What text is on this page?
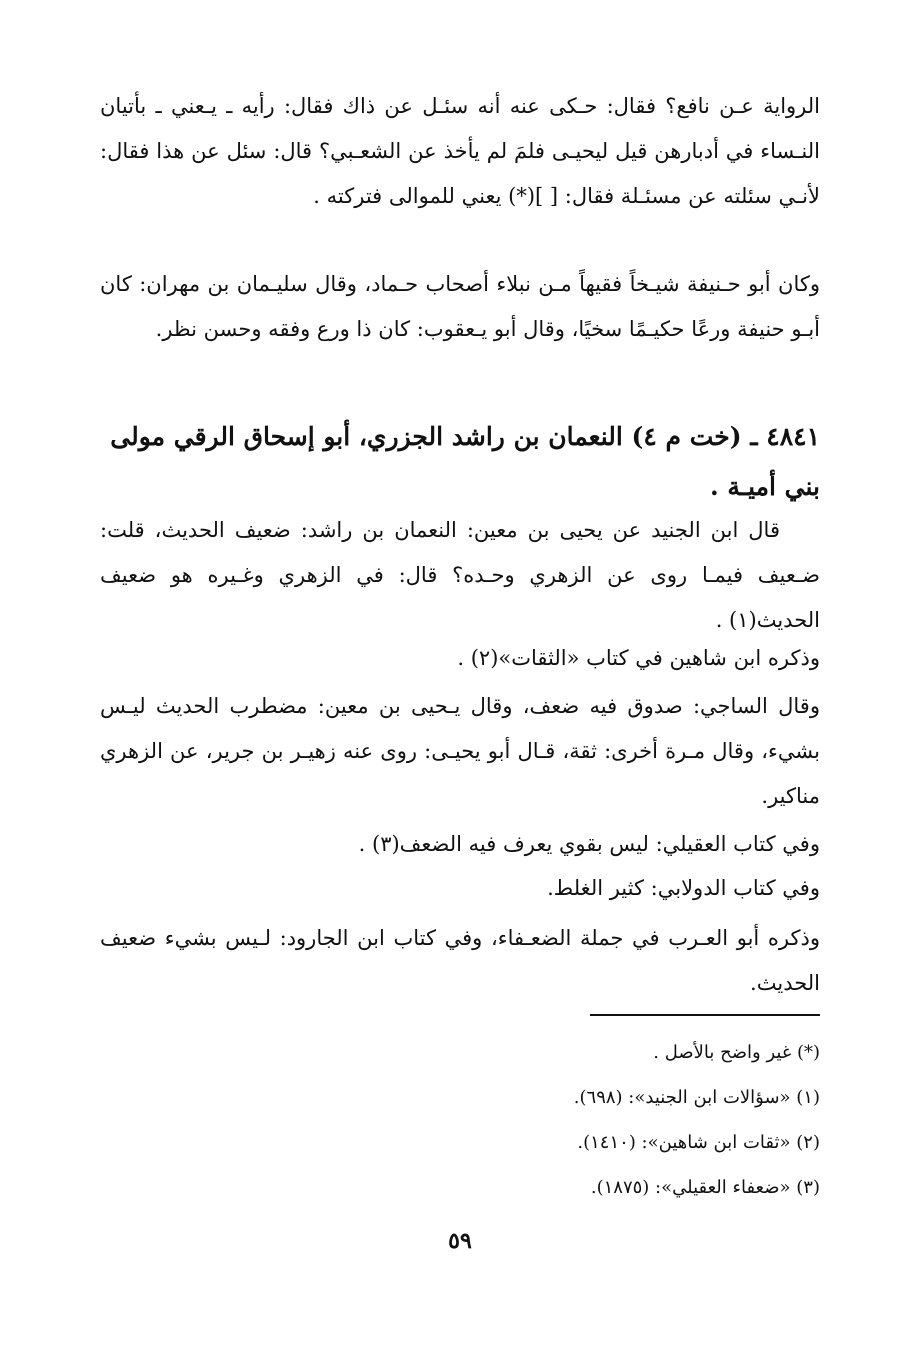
الرواية عـن نافع؟ فقال: حـكى عنه أنه سئـل عن ذاك فقال: رأيه ـ يـعني ـ بأتيان النـساء في أدبارهن قيل ليحيـى فلمَ لم يأخذ عن الشعـبي؟ قال: سئل عن هذا فقال: لأنـي سئلته عن مسئـلة فقال: [ ](*) يعني للموالى فتركته .

وكان أبو حـنيفة شيـخاً فقيهاً مـن نبلاء أصحاب حـماد، وقال سليـمان بن مهران: كان أبـو حنيفة ورعًا حكيـمًا سخيًا، وقال أبو يـعقوب: كان ذا ورع وفقه وحسن نظر.

٤٨٤١ ـ (خت م ٤) النعمان بن راشد الجزري، أبو إسحاق الرقي مولى بني أميـة .

قال ابن الجنيد عن يحيى بن معين: النعمان بن راشد: ضعيف الحديث، قلت: ضـعيف فيمـا روى عن الزهري وحـده؟ قال: في الزهري وغـيره هو ضعيف الحديث(١) .

وذكره ابن شاهين في كتاب «الثقات»(٢) .

وقال الساجي: صدوق فيه ضعف، وقال يـحيى بن معين: مضطرب الحديث ليـس بشيء، وقال مـرة أخرى: ثقة، قـال أبو يحيـى: روى عنه زهيـر بن جرير، عن الزهري مناكير.

وفي كتاب العقيلي: ليس بقوي يعرف فيه الضعف(٣) .

وفي كتاب الدولابي: كثير الغلط.

وذكره أبو العـرب في جملة الضعـفاء، وفي كتاب ابن الجارود: لـيس بشيء ضعيف الحديث.

(*) غير واضح بالأصل .
(١) «سؤالات ابن الجنيد»: (٦٩٨).
(٢) «ثقات ابن شاهين»: (١٤١٠).
(٣) «ضعفاء العقيلي»: (١٨٧٥).
٥٩
